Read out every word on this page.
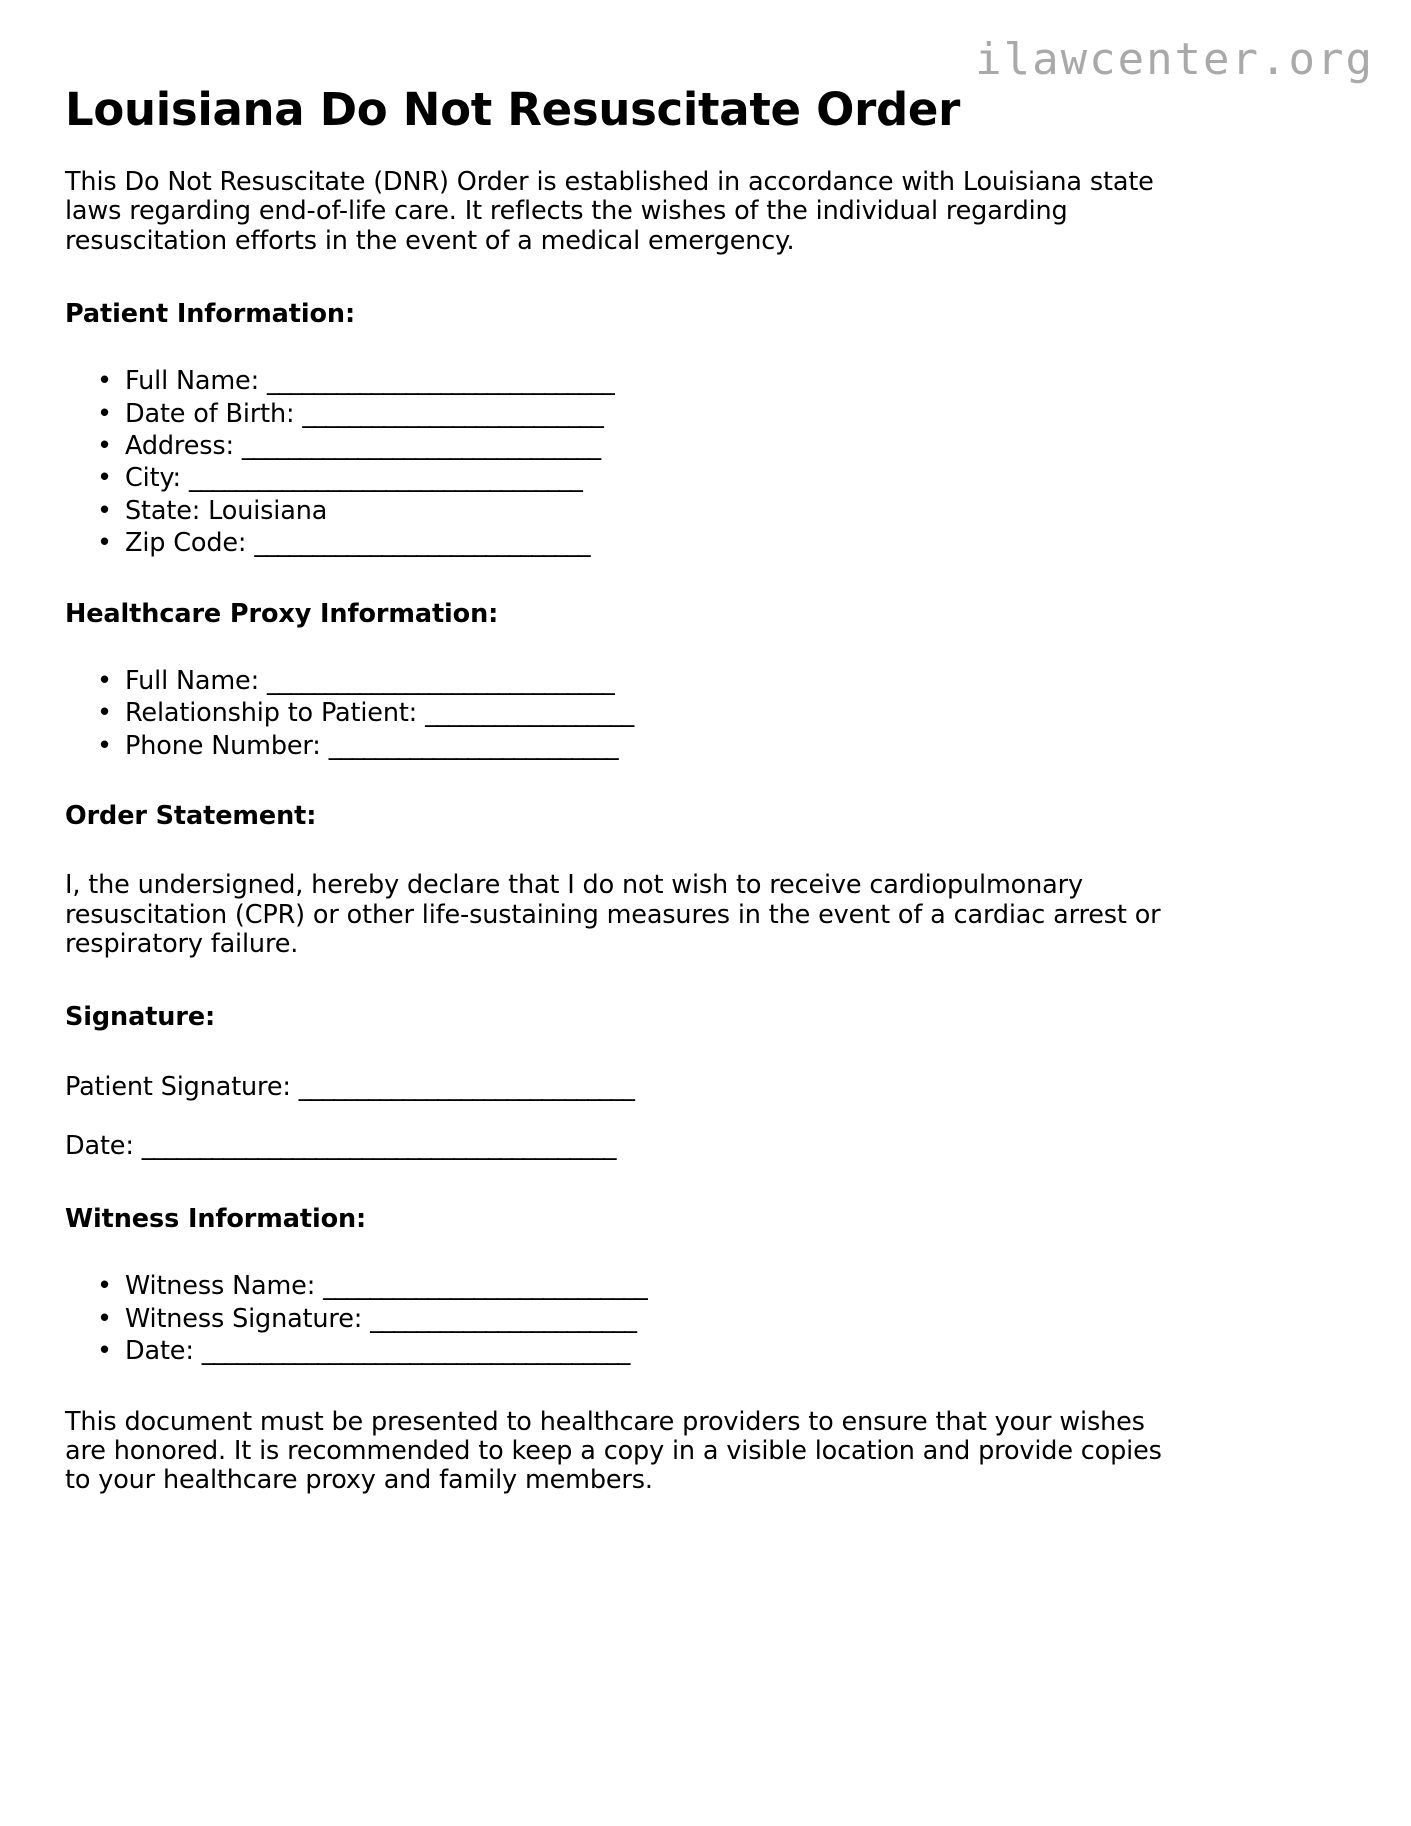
ilawcenter.org
Louisiana Do Not Resuscitate Order

This Do Not Resuscitate (DNR) Order is established in accordance with Louisiana state laws regarding end-of-life care. It reflects the wishes of the individual regarding resuscitation efforts in the event of a medical emergency.

Patient Information:
• Full Name: ______________________________
• Date of Birth: __________________________
• Address: _______________________________
• City: __________________________________
• State: Louisiana
• Zip Code: _____________________________
Healthcare Proxy Information:
• Full Name: ______________________________
• Relationship to Patient: __________________
• Phone Number: _________________________
Order Statement:

I, the undersigned, hereby declare that I do not wish to receive cardiopulmonary resuscitation (CPR) or other life-sustaining measures in the event of a cardiac arrest or respiratory failure.

Signature:

Patient Signature: _____________________________

Date: _________________________________________

Witness Information:
• Witness Name: ____________________________
• Witness Signature: _______________________
• Date: _____________________________________

This document must be presented to healthcare providers to ensure that your wishes are honored. It is recommended to keep a copy in a visible location and provide copies to your healthcare proxy and family members.
